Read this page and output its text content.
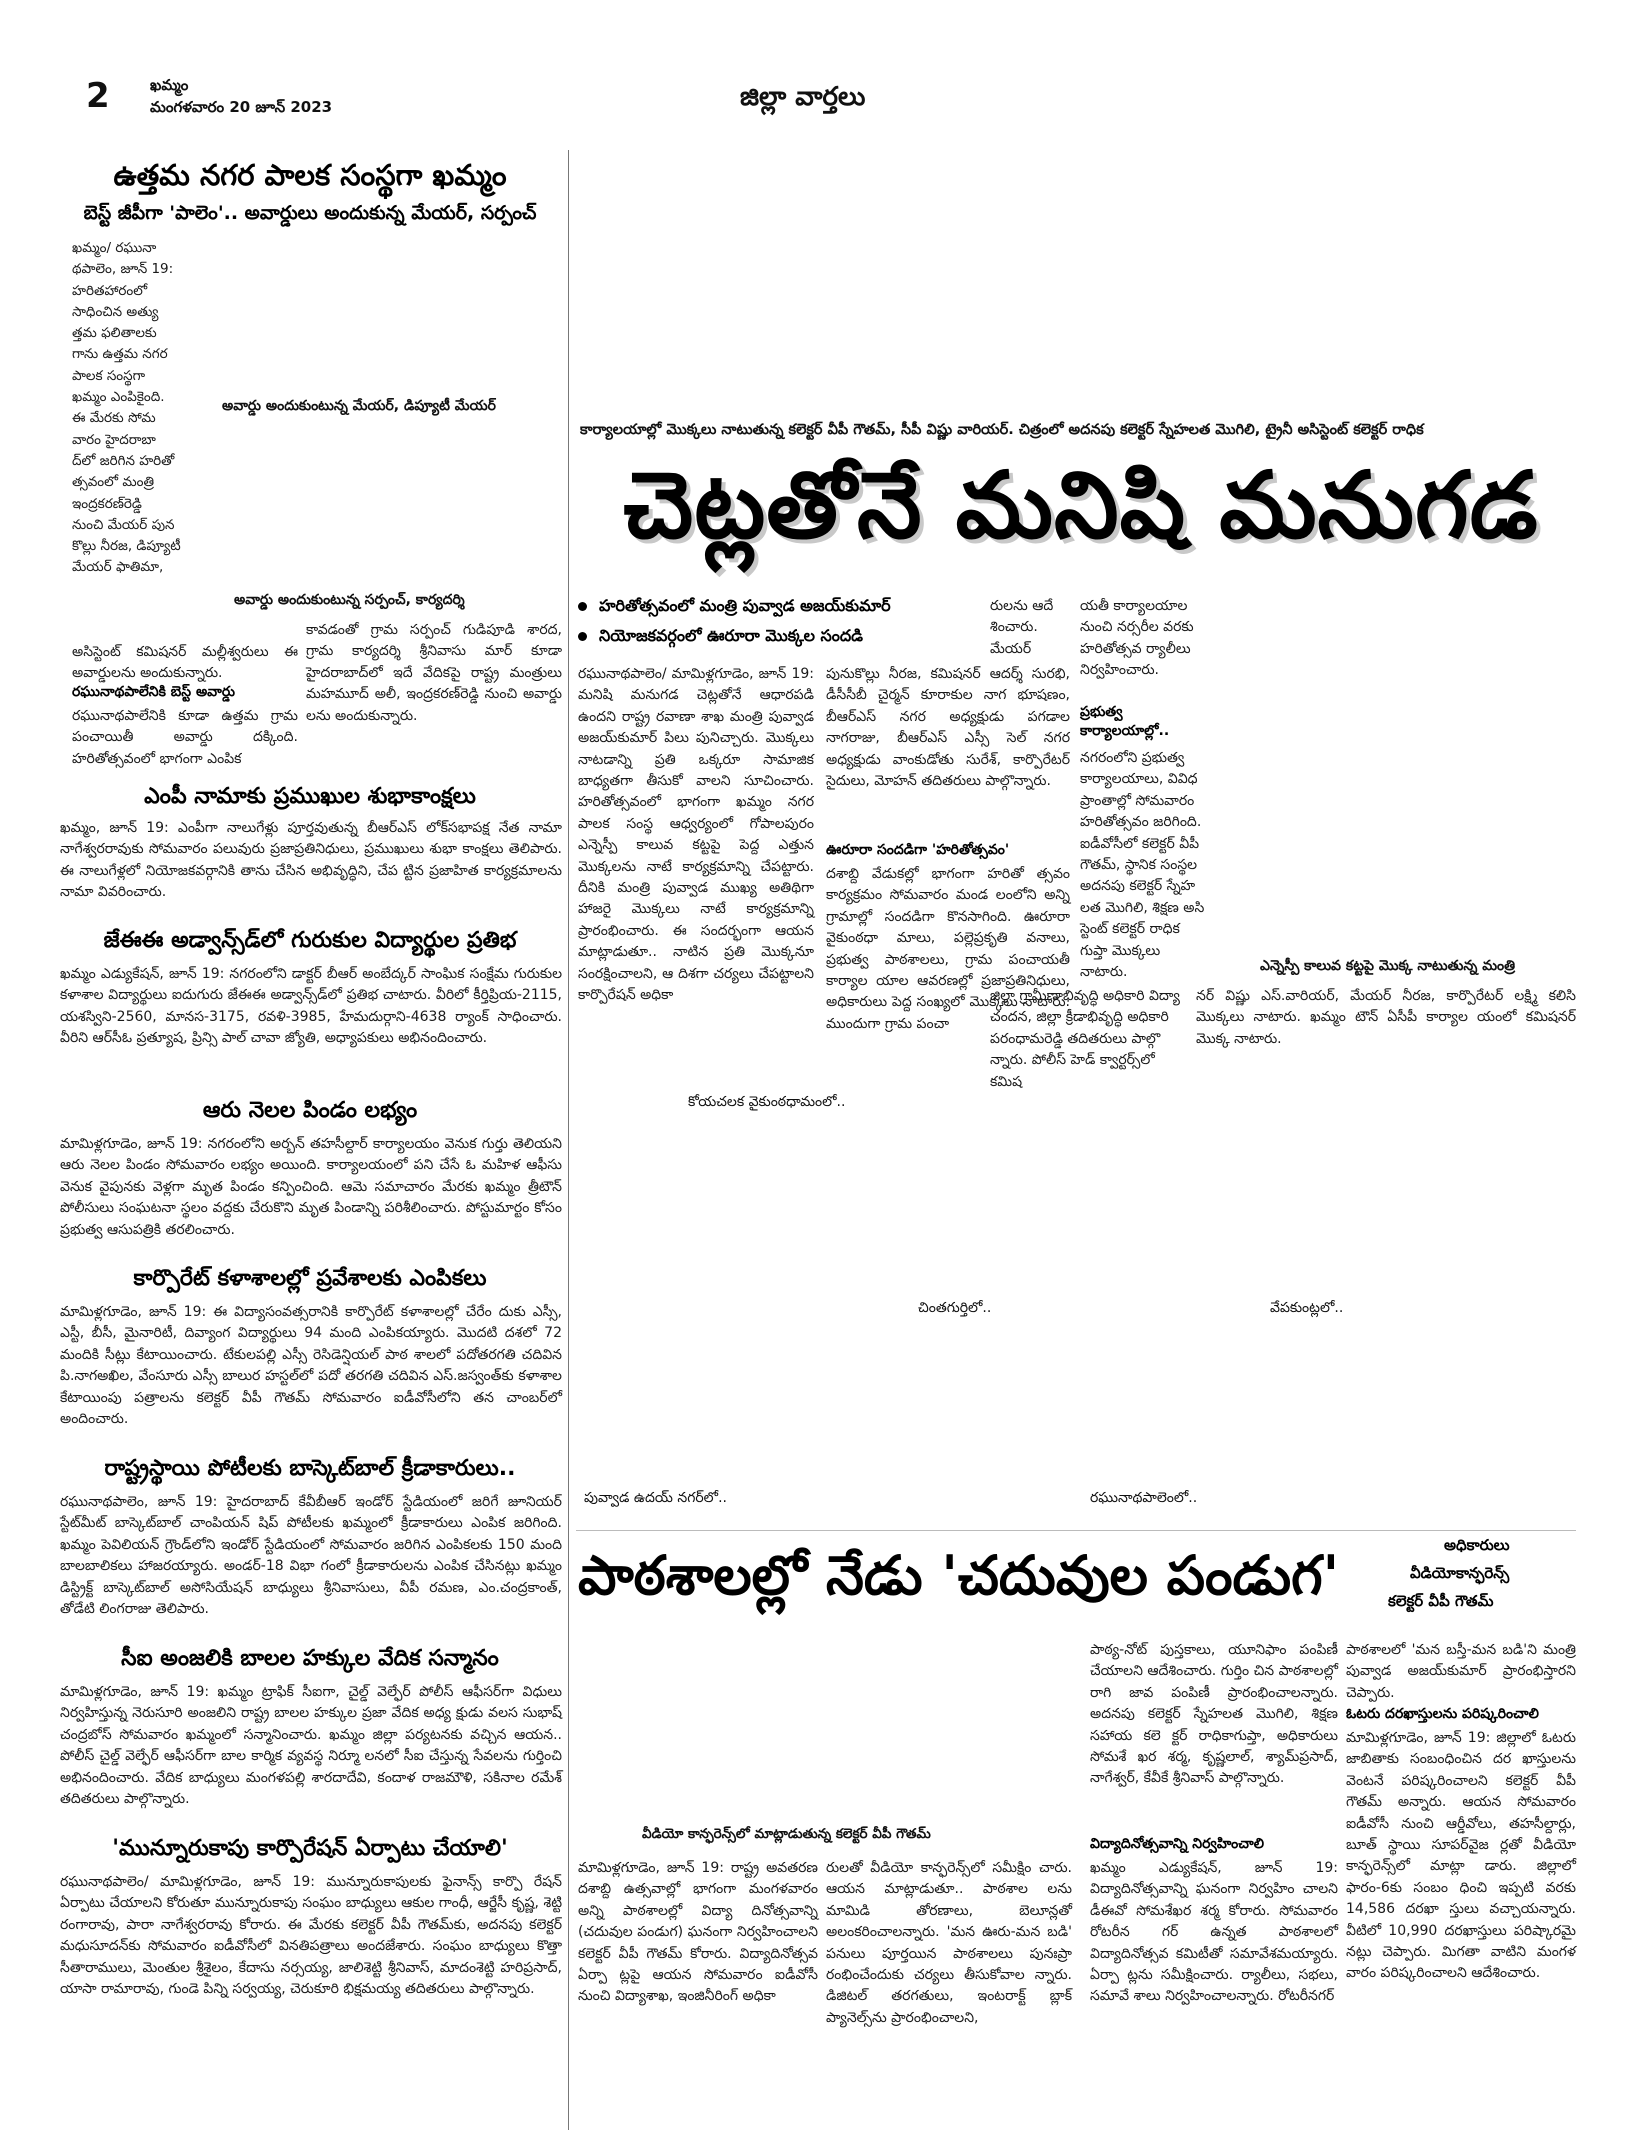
2	ఖమ్మం
మంగళవారం 20 జూన్ 2023	జిల్లా వార్తలు
ఉత్తమ నగర పాలక సంస్థగా ఖమ్మం
బెస్ట్ జీపీగా 'పాలెం'.. అవార్డులు అందుకున్న మేయర్, సర్పంచ్
ఖమ్మం/ రఘునా
థపాలెం, జూన్ 19:
హరితహారంలో
సాధించిన అత్యు
త్తమ ఫలితాలకు
గాను ఉత్తమ నగర
పాలక సంస్థగా
ఖమ్మం ఎంపికైంది.
ఈ మేరకు సోమ
వారం హైదరాబా
ద్‌లో జరిగిన హరితో
త్సవంలో మంత్రి
ఇంద్రకరణ్‌రెడ్డి
నుంచి మేయర్ పున
కొల్లు నీరజ, డిప్యూటీ
మేయర్ ఫాతిమా,
అవార్డు అందుకుంటున్న మేయర్, డిప్యూటీ మేయర్
అవార్డు అందుకుంటున్న సర్పంచ్, కార్యదర్శి
అసిస్టెంట్ కమిషనర్ మల్లీశ్వరులు ఈ అవార్డులను అందుకున్నారు.
రఘునాథపాలేనికి బెస్ట్ అవార్డు
రఘునాథపాలేనికి కూడా ఉత్తమ గ్రామ పంచాయితీ అవార్డు దక్కింది. హరితోత్సవంలో భాగంగా ఎంపిక
కావడంతో గ్రామ సర్పంచ్ గుడిపూడి శారద, గ్రామ కార్యదర్శి శ్రీనివాసు మార్ కూడా హైదరాబాద్‌లో ఇదే వేదికపై రాష్ట్ర మంత్రులు మహమూద్ అలీ, ఇంద్రకరణ్‌రెడ్డి నుంచి అవార్డు లను అందుకున్నారు.
ఎంపీ నామాకు ప్రముఖుల శుభాకాంక్షలు
ఖమ్మం, జూన్ 19: ఎంపీగా నాలుగేళ్లు పూర్తవుతున్న బీఆర్ఎస్ లోక్‌సభాపక్ష నేత నామా నాగేశ్వరరావుకు సోమవారం పలువురు ప్రజాప్రతినిధులు, ప్రముఖులు శుభా కాంక్షలు తెలిపారు. ఈ నాలుగేళ్లలో నియోజకవర్గానికి తాను చేసిన అభివృద్ధిని, చేప ట్టిన ప్రజాహిత కార్యక్రమాలను నామా వివరించారు.
జేఈఈ అడ్వాన్స్‌డ్‌లో గురుకుల విద్యార్థుల ప్రతిభ
ఖమ్మం ఎడ్యుకేషన్, జూన్ 19: నగరంలోని డాక్టర్ బీఆర్ అంబేద్కర్ సాంఘిక సంక్షేమ గురుకుల కళాశాల విద్యార్థులు ఐదుగురు జేఈఈ అడ్వాన్స్‌డ్‌లో ప్రతిభ చాటారు. వీరిలో కీర్తిప్రియ-2115, యశస్విని-2560, మానస-3175, రవళి-3985, హేమదుర్గాని-4638 ర్యాంక్ సాధించారు. వీరిని ఆర్‌సీఓ ప్రత్యూష, ప్రిన్సి పాల్ చావా జ్యోతి, అధ్యాపకులు అభినందించారు.
ఆరు నెలల పిండం లభ్యం
మామిళ్లగూడెం, జూన్ 19: నగరంలోని అర్బన్ తహసీల్దార్ కార్యాలయం వెనుక గుర్తు తెలియని ఆరు నెలల పిండం సోమవారం లభ్యం అయింది. కార్యాలయంలో పని చేసే ఓ మహిళ ఆఫీసు వెనుక వైపునకు వెళ్లగా మృత పిండం కన్పించింది. ఆమె సమాచారం మేరకు ఖమ్మం త్రీటౌన్ పోలీసులు సంఘటనా స్థలం వద్దకు చేరుకొని మృత పిండాన్ని పరిశీలించారు. పోస్టుమార్టం కోసం ప్రభుత్వ ఆసుపత్రికి తరలించారు.
కార్పొరేట్ కళాశాలల్లో ప్రవేశాలకు ఎంపికలు
మామిళ్లగూడెం, జూన్ 19: ఈ విద్యాసంవత్సరానికి కార్పొరేట్ కళాశాలల్లో చేరేం దుకు ఎస్సీ, ఎస్టీ, బీసీ, మైనారిటీ, దివ్యాంగ విద్యార్థులు 94 మంది ఎంపికయ్యారు. మొదటి దశలో 72 మందికి సీట్లు కేటాయించారు. టేకులపల్లి ఎస్సీ రెసిడెన్షియల్ పాఠ శాలలో పదోతరగతి చదివిన పి.నాగఅఖిల, వేంసూరు ఎస్సీ బాలుర హస్టల్‌లో పదో తరగతి చదివిన ఎస్.జస్వంత్‌కు కళాశాల కేటాయింపు పత్రాలను కలెక్టర్ వీపీ గౌతమ్ సోమవారం ఐడీవోసీలోని తన చాంబర్‌లో అందించారు.
రాష్ట్రస్థాయి పోటీలకు బాస్కెట్‌బాల్ క్రీడాకారులు..
రఘునాథపాలెం, జూన్ 19: హైదరాబాద్ కేవీబీఆర్ ఇండోర్ స్టేడియంలో జరిగే జూనియర్ స్టేట్‌మీట్ బాస్కెట్‌బాల్ చాంపియన్ షిప్ పోటీలకు ఖమ్మంలో క్రీడాకారులు ఎంపిక జరిగింది. ఖమ్మం పెవిలియన్ గ్రౌండ్‌లోని ఇండోర్ స్టేడియంలో సోమవారం జరిగిన ఎంపికలకు 150 మంది బాలబాలికలు హాజరయ్యారు. అండర్-18 విభా గంలో క్రీడాకారులను ఎంపిక చేసినట్లు ఖమ్మం డిస్ట్రిక్ట్ బాస్కెట్‌బాల్ అసోసియేషన్ బాధ్యులు శ్రీనివాసులు, వీపీ రమణ, ఎం.చంద్రకాంత్, తోడేటి లింగరాజు తెలిపారు.
సీఐ అంజలికి బాలల హక్కుల వేదిక సన్మానం
మామిళ్లగూడెం, జూన్ 19: ఖమ్మం ట్రాఫిక్ సీఐగా, చైల్డ్ వెల్ఫేర్ పోలీస్ ఆఫీసర్‌గా విధులు నిర్వహిస్తున్న నెరుసూరి అంజలిని రాష్ట్ర బాలల హక్కుల ప్రజా వేదిక అధ్య క్షుడు వలస సుభాష్ చంద్రబోస్ సోమవారం ఖమ్మంలో సన్మానించారు. ఖమ్మం జిల్లా పర్యటనకు వచ్చిన ఆయన.. పోలీస్ చైల్డ్ వెల్ఫేర్ ఆఫీసర్‌గా బాల కార్మిక వ్యవస్థ నిర్మూ లనలో సీఐ చేస్తున్న సేవలను గుర్తించి అభినందించారు. వేదిక బాధ్యులు మంగళపల్లి శారదాదేవి, కందాళ రాజమౌళి, సకినాల రమేశ్ తదితరులు పాల్గొన్నారు.
'మున్నూరుకాపు కార్పొరేషన్ ఏర్పాటు చేయాలి'
రఘునాథపాలెం/ మామిళ్లగూడెం, జూన్ 19: మున్నూరుకాపులకు ఫైనాన్స్ కార్పొ రేషన్ ఏర్పాటు చేయాలని కోరుతూ మున్నూరుకాపు సంఘం బాధ్యులు ఆకుల గాంధీ, ఆర్జేసీ కృష్ణ, శెట్టి రంగారావు, పారా నాగేశ్వరరావు కోరారు. ఈ మేరకు కలెక్టర్ వీపీ గౌతమ్‌కు, అదనపు కలెక్టర్ మధుసూదన్‌కు సోమవారం ఐడీవోసీలో వినతిపత్రాలు అందజేశారు. సంఘం బాధ్యులు కొత్తా సీతారాములు, మెంతుల శ్రీశైలం, కేదాసు నర్సయ్య, జాలిశెట్టి శ్రీనివాస్, మాదంశెట్టి హరిప్రసాద్, యాసా రామారావు, గుండె పిన్ని సర్వయ్య, చెరుకూరి భిక్షమయ్య తదితరులు పాల్గొన్నారు.
కార్యాలయాల్లో మొక్కలు నాటుతున్న కలెక్టర్ వీపీ గౌతమ్, సీపీ విష్ణు వారియర్. చిత్రంలో అదనపు కలెక్టర్ స్నేహలత మొగిలి, ట్రైనీ అసిస్టెంట్ కలెక్టర్ రాధిక
చెట్లతోనే మనిషి మనుగడ
హరితోత్సవంలో మంత్రి పువ్వాడ అజయ్‌కుమార్
నియోజకవర్గంలో ఊరూరా మొక్కల సందడి
రఘునాథపాలెం/ మామిళ్లగూడెం, జూన్ 19: మనిషి మనుగడ చెట్లతోనే ఆధారపడి ఉందని రాష్ట్ర రవాణా శాఖ మంత్రి పువ్వాడ అజయ్‌కుమార్ పిలు పునిచ్చారు. మొక్కలు నాటడాన్ని ప్రతి ఒక్కరూ సామాజిక బాధ్యతగా తీసుకో వాలని సూచించారు. హరితోత్సవంలో భాగంగా ఖమ్మం నగర పాలక సంస్థ ఆధ్వర్యంలో గోపాలపురం ఎన్నెస్పీ కాలువ కట్టపై పెద్ద ఎత్తున మొక్కలను నాటే కార్యక్రమాన్ని చేపట్టారు. దీనికి మంత్రి పువ్వాడ ముఖ్య అతిథిగా హాజరై మొక్కలు నాటే కార్యక్రమాన్ని ప్రారంభించారు. ఈ సందర్భంగా ఆయన మాట్లాడుతూ.. నాటిన ప్రతి మొక్కనూ సంరక్షించాలని, ఆ దిశగా చర్యలు చేపట్టాలని కార్పొరేషన్ అధికా
రులను ఆదే శించారు. మేయర్
పునుకొల్లు నీరజ, కమిషనర్ ఆదర్శ్ సురభి, డీసీసీబీ చైర్మన్ కూరాకుల నాగ భూషణం, బీఆర్ఎస్ నగర అధ్యక్షుడు పగడాల నాగరాజు, బీఆర్ఎస్ ఎస్సీ సెల్ నగర అధ్యక్షుడు వాంకుడోతు సురేశ్, కార్పొరేటర్ సైదులు, మోహన్ తదితరులు పాల్గొన్నారు.
ఊరూరా సందడిగా 'హరితోత్సవం'
దశాబ్ది వేడుకల్లో భాగంగా హరితో త్సవం కార్యక్రమం సోమవారం మండ లంలోని అన్ని గ్రామాల్లో సందడిగా కొనసాగింది. ఊరూరా వైకుంఠధా మాలు, పల్లెప్రకృతి వనాలు, ప్రభుత్వ పాఠశాలలు, గ్రామ పంచాయతీ కార్యాల యాల ఆవరణల్లో ప్రజాప్రతినిధులు, అధికారులు పెద్ద సంఖ్యలో మొక్కలు నాటారు. ముందుగా గ్రామ పంచా
యతీ కార్యాలయాల నుంచి నర్సరీల వరకు హరితోత్సవ ర్యాలీలు నిర్వహించారు.
ప్రభుత్వ కార్యాలయాల్లో..
నగరంలోని ప్రభుత్వ కార్యాలయాలు, వివిధ ప్రాంతాల్లో సోమవారం హరితోత్సవం జరిగింది. ఐడీవోసీలో కలెక్టర్ వీపీ గౌతమ్, స్థానిక సంస్థల అదనపు కలెక్టర్ స్నేహ లత మొగిలి, శిక్షణ అసి స్టెంట్ కలెక్టర్ రాధిక గుప్తా మొక్కలు నాటారు.
జిల్లా గ్రామీణాభివృద్ధి అధికారి విద్యా చందన, జిల్లా క్రీడాభివృద్ధి అధికారి పరంధామరెడ్డి తదితరులు పాల్గొ న్నారు. పోలీస్ హెడ్ క్వార్టర్స్‌లో కమిష
ఎన్నెస్పీ కాలువ కట్టపై మొక్క నాటుతున్న మంత్రి
నర్ విష్ణు ఎస్.వారియర్, మేయర్ నీరజ, కార్పొరేటర్ లక్ష్మి కలిసి మొక్కలు నాటారు. ఖమ్మం టౌన్ ఏసీపీ కార్యాల యంలో కమిషనర్ మొక్క నాటారు.
కోయచలక వైకుంఠధామంలో..
చింతగుర్తిలో..	వేపకుంట్లలో..
పువ్వాడ ఉదయ్ నగర్‌లో..	రఘునాథపాలెంలో..
పాఠశాలల్లో నేడు 'చదువుల పండుగ'	అధికారులు
వీడియోకాన్ఫరెన్స్
కలెక్టర్ వీపీ గౌతమ్
వీడియో కాన్ఫరెన్స్‌లో మాట్లాడుతున్న కలెక్టర్ వీపీ గౌతమ్
మామిళ్లగూడెం, జూన్ 19: రాష్ట్ర అవతరణ దశాబ్ది ఉత్సవాల్లో భాగంగా మంగళవారం అన్ని పాఠశాలల్లో విద్యా దినోత్సవాన్ని (చదువుల పండుగ) ఘనంగా నిర్వహించాలని కలెక్టర్ వీపీ గౌతమ్ కోరారు. విద్యాదినోత్సవ ఏర్పా ట్లపై ఆయన సోమవారం ఐడీవోసీ నుంచి విద్యాశాఖ, ఇంజినీరింగ్ అధికా
రులతో వీడియో కాన్ఫరెన్స్‌లో సమీక్షిం చారు. ఆయన మాట్లాడుతూ.. పాఠశాల లను మామిడి తోరణాలు, బెలూన్లతో అలంకరించాలన్నారు. 'మన ఊరు-మన బడి' పనులు పూర్తయిన పాఠశాలలు పునఃప్రా రంభించేందుకు చర్యలు తీసుకోవాల న్నారు. డిజిటల్ తరగతులు, ఇంటరాక్ట్ బ్లాక్ ప్యానెల్స్‌ను ప్రారంభించాలని,
పాఠ్య-నోట్ పుస్తకాలు, యూనిఫాం పంపిణీ చేయాలని ఆదేశించారు. గుర్తిం చిన పాఠశాలల్లో రాగి జావ పంపిణీ ప్రారంభించాలన్నారు. అదనపు కలెక్టర్ స్నేహలత మొగిలి, శిక్షణ సహాయ కలె క్టర్ రాధికాగుప్తా, అధికారులు సోమశే ఖర శర్మ, కృష్ణలాల్, శ్యామ్‌ప్రసాద్, నాగేశ్వర్, కేవీకే శ్రీనివాస్ పాల్గొన్నారు.
విద్యాదినోత్సవాన్ని నిర్వహించాలి
ఖమ్మం ఎడ్యుకేషన్, జూన్ 19: విద్యాదినోత్సవాన్ని ఘనంగా నిర్వహిం చాలని డీఈవో సోమశేఖర శర్మ కోరారు. సోమవారం రోటరీన గర్ ఉన్నత పాఠశాలలో విద్యాదినోత్సవ కమిటీతో సమావేశమయ్యారు. ఏర్పా ట్లను సమీక్షించారు. ర్యాలీలు, సభలు, సమావే శాలు నిర్వహించాలన్నారు. రోటరీనగర్
పాఠశాలలో 'మన బస్తీ-మన బడి'ని మంత్రి పువ్వాడ అజయ్‌కుమార్ ప్రారంభిస్తారని చెప్పారు.
ఓటరు దరఖాస్తులను పరిష్కరించాలి
మామిళ్లగూడెం, జూన్ 19: జిల్లాలో ఓటరు జాబితాకు సంబంధించిన దర ఖాస్తులను వెంటనే పరిష్కరించాలని కలెక్టర్ వీపీ గౌతమ్ అన్నారు. ఆయన సోమవారం ఐడీవోసీ నుంచి ఆర్డీవోలు, తహసీల్దార్లు, బూత్ స్థాయి సూపర్‌వైజ ర్లతో వీడియో కాన్ఫరెన్స్‌లో మాట్లా డారు. జిల్లాలో ఫారం-6కు సంబం ధించి ఇప్పటి వరకు 14,586 దరఖా స్తులు వచ్చాయన్నారు. వీటిలో 10,990 దరఖాస్తులు పరిష్కారమై నట్లు చెప్పారు. మిగతా వాటిని మంగళ వారం పరిష్కరించాలని ఆదేశించారు.
